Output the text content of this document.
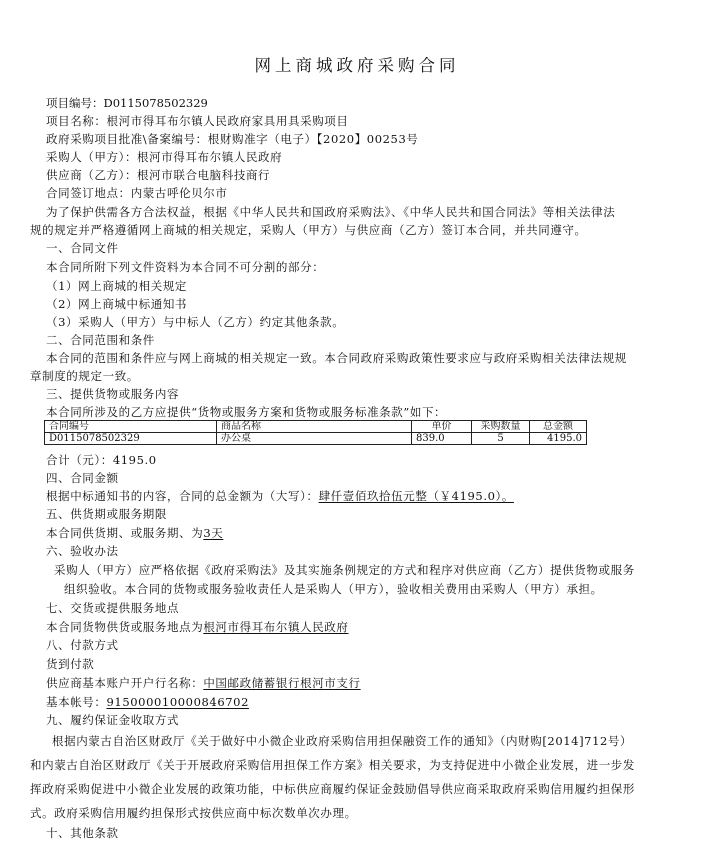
网上商城政府采购合同
项目编号：D0115078502329
项目名称：根河市得耳布尔镇人民政府家具用具采购项目
政府采购项目批准\备案编号：根财购准字（电子）【2020】00253号
采购人（甲方）：根河市得耳布尔镇人民政府
供应商（乙方）：根河市联合电脑科技商行
合同签订地点：内蒙古呼伦贝尔市
为了保护供需各方合法权益，根据《中华人民共和国政府采购法》、《中华人民共和国合同法》等相关法律法
规的规定并严格遵循网上商城的相关规定，采购人（甲方）与供应商（乙方）签订本合同，并共同遵守。
一、合同文件
本合同所附下列文件资料为本合同不可分割的部分：
（1）网上商城的相关规定
（2）网上商城中标通知书
（3）采购人（甲方）与中标人（乙方）约定其他条款。
二、合同范围和条件
本合同的范围和条件应与网上商城的相关规定一致。本合同政府采购政策性要求应与政府采购相关法律法规规
章制度的规定一致。
三、提供货物或服务内容
本合同所涉及的乙方应提供“货物或服务方案和货物或服务标准条款”如下：
合同编号	商品名称	单价	采购数量	总金额
D0115078502329	办公桌	839.0	5	4195.0
合计（元）：4195.0
四、合同金额
根据中标通知书的内容，合同的总金额为（大写）：肆仟壹佰玖拾伍元整（￥4195.0）。
五、供货期或服务期限
本合同供货期、或服务期、为3天
六、验收办法
采购人（甲方）应严格依据《政府采购法》及其实施条例规定的方式和程序对供应商（乙方）提供货物或服务
组织验收。本合同的货物或服务验收责任人是采购人（甲方），验收相关费用由采购人（甲方）承担。
七、交货或提供服务地点
本合同货物供货或服务地点为根河市得耳布尔镇人民政府
八、付款方式
货到付款
供应商基本账户开户行名称：中国邮政储蓄银行根河市支行
基本帐号：915000010000846702
九、履约保证金收取方式
根据内蒙古自治区财政厅《关于做好中小微企业政府采购信用担保融资工作的通知》（内财购[2014]712号）
和内蒙古自治区财政厅《关于开展政府采购信用担保工作方案》相关要求，为支持促进中小微企业发展，进一步发
挥政府采购促进中小微企业发展的政策功能，中标供应商履约保证金鼓励倡导供应商采取政府采购信用履约担保形
式。政府采购信用履约担保形式按供应商中标次数单次办理。
十、其他条款
